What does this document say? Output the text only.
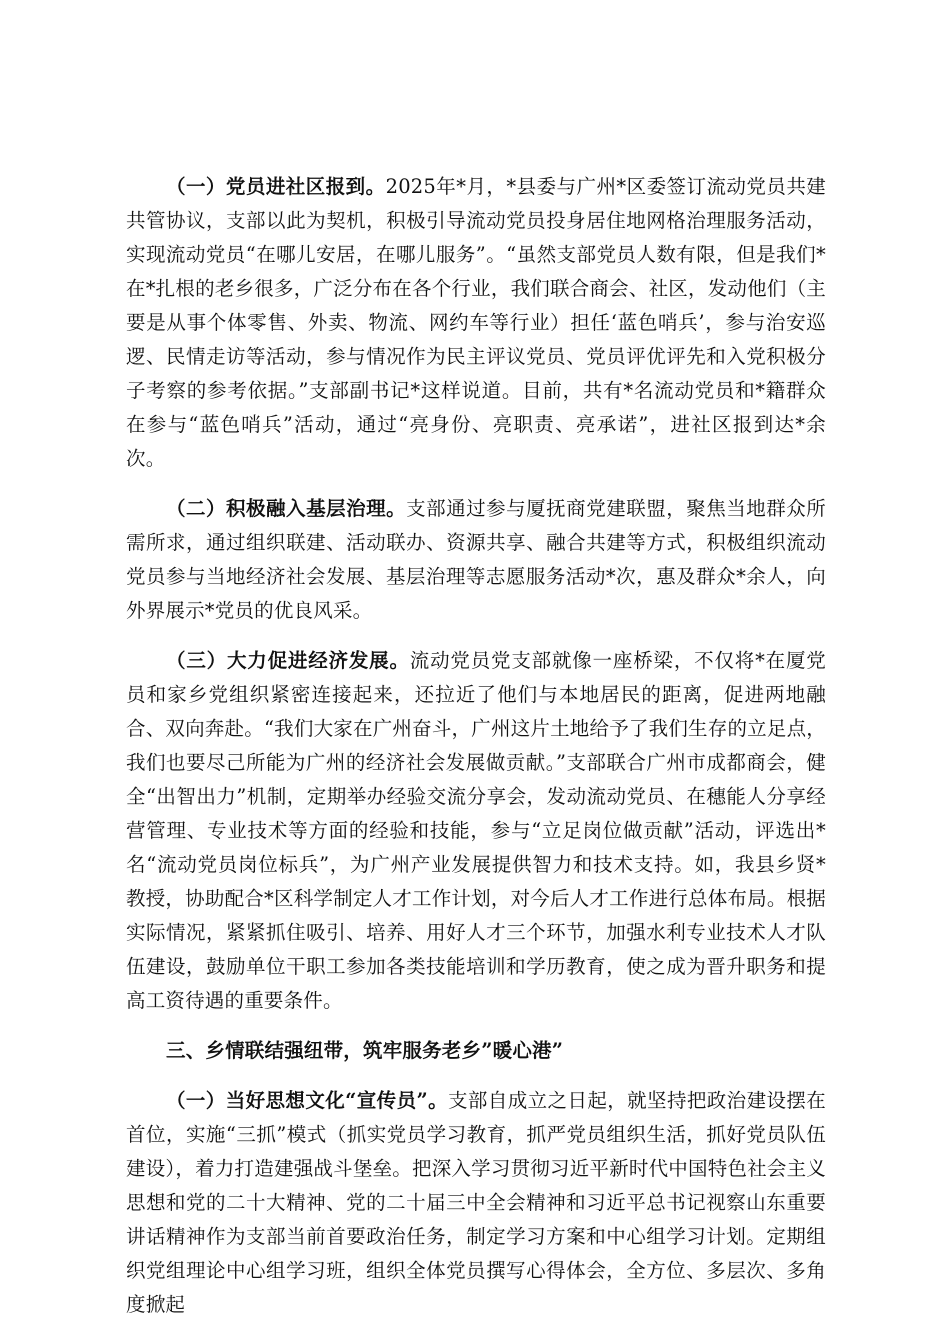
（一）党员进社区报到。2025年*月，*县委与广州*区委签订流动党员共建共管协议，支部以此为契机，积极引导流动党员投身居住地网格治理服务活动，实现流动党员“在哪儿安居，在哪儿服务”。“虽然支部党员人数有限，但是我们*在*扎根的老乡很多，广泛分布在各个行业，我们联合商会、社区，发动他们（主要是从事个体零售、外卖、物流、网约车等行业）担任‘蓝色哨兵’，参与治安巡逻、民情走访等活动，参与情况作为民主评议党员、党员评优评先和入党积极分子考察的参考依据。”支部副书记*这样说道。目前，共有*名流动党员和*籍群众在参与“蓝色哨兵”活动，通过“亮身份、亮职责、亮承诺”，进社区报到达*余次。

（二）积极融入基层治理。支部通过参与厦抚商党建联盟，聚焦当地群众所需所求，通过组织联建、活动联办、资源共享、融合共建等方式，积极组织流动党员参与当地经济社会发展、基层治理等志愿服务活动*次，惠及群众*余人，向外界展示*党员的优良风采。

（三）大力促进经济发展。流动党员党支部就像一座桥梁，不仅将*在厦党员和家乡党组织紧密连接起来，还拉近了他们与本地居民的距离，促进两地融合、双向奔赴。“我们大家在广州奋斗，广州这片土地给予了我们生存的立足点，我们也要尽己所能为广州的经济社会发展做贡献。”支部联合广州市成都商会，健全“出智出力”机制，定期举办经验交流分享会，发动流动党员、在穗能人分享经营管理、专业技术等方面的经验和技能，参与“立足岗位做贡献”活动，评选出*名“流动党员岗位标兵”，为广州产业发展提供智力和技术支持。如，我县乡贤*教授，协助配合*区科学制定人才工作计划，对今后人才工作进行总体布局。根据实际情况，紧紧抓住吸引、培养、用好人才三个环节，加强水利专业技术人才队伍建设，鼓励单位干职工参加各类技能培训和学历教育，使之成为晋升职务和提高工资待遇的重要条件。

三、乡情联结强纽带，筑牢服务老乡”暖心港”

（一）当好思想文化“宣传员”。支部自成立之日起，就坚持把政治建设摆在首位，实施“三抓”模式（抓实党员学习教育，抓严党员组织生活，抓好党员队伍建设），着力打造建强战斗堡垒。把深入学习贯彻习近平新时代中国特色社会主义思想和党的二十大精神、党的二十届三中全会精神和习近平总书记视察山东重要讲话精神作为支部当前首要政治任务，制定学习方案和中心组学习计划。定期组织党组理论中心组学习班，组织全体党员撰写心得体会，全方位、多层次、多角度掀起
